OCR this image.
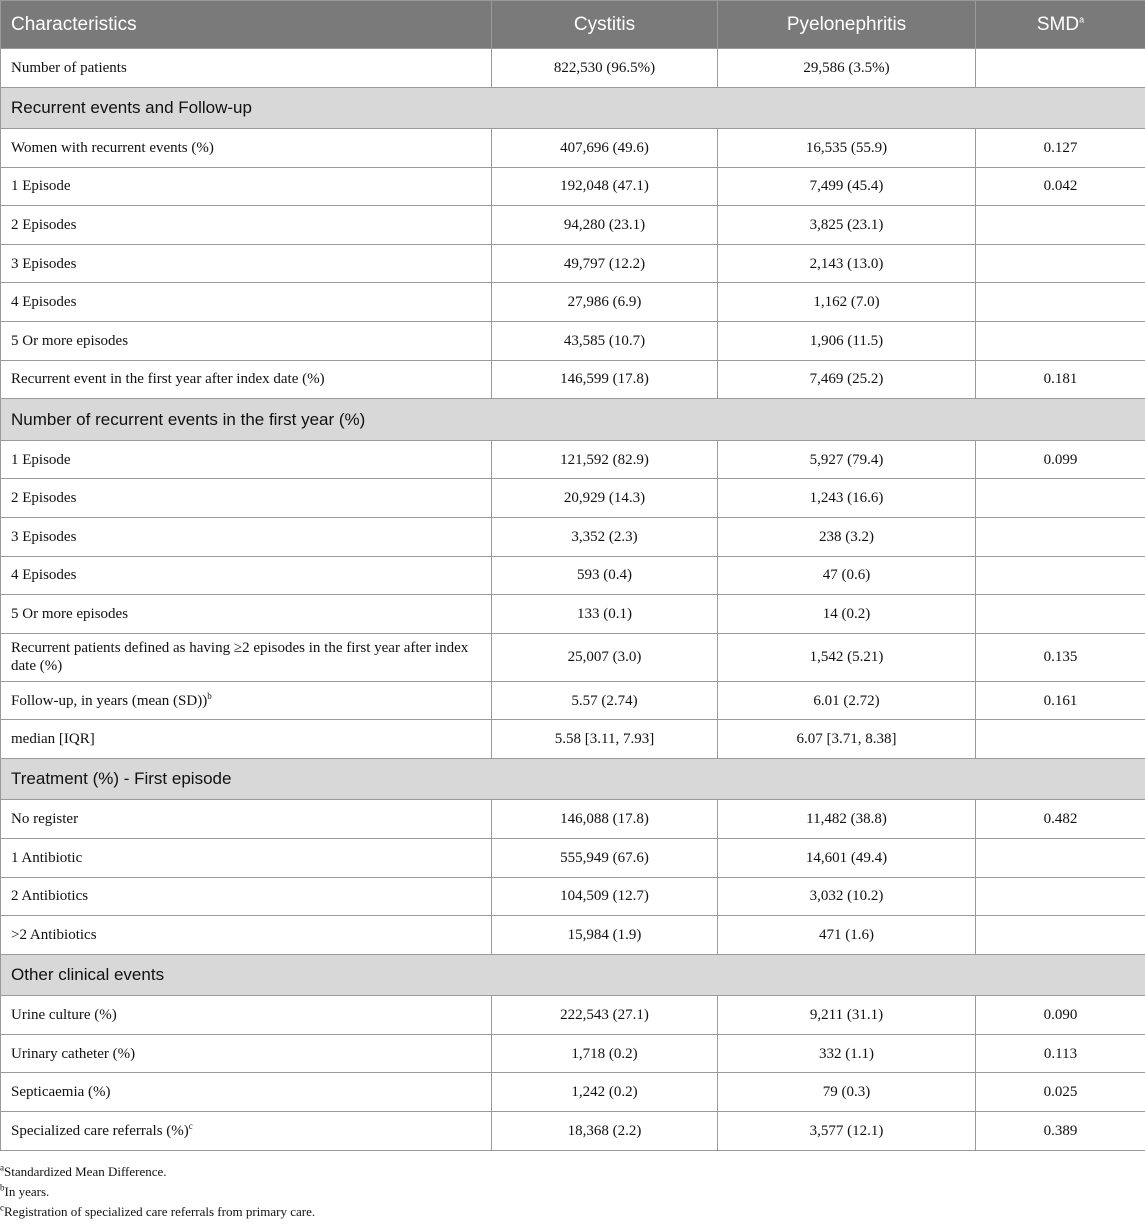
Characteristics	Cystitis	Pyelonephritis	SMD$^a$
Number of patients	822,530 (96.5%)	29,586 (3.5%)	
Recurrent events and Follow-up			
Women with recurrent events (%)	407,696 (49.6)	16,535 (55.9)	0.127
1 Episode	192,048 (47.1)	7,499 (45.4)	0.042
2 Episodes	94,280 (23.1)	3,825 (23.1)	
3 Episodes	49,797 (12.2)	2,143 (13.0)	
4 Episodes	27,986 (6.9)	1,162 (7.0)	
5 Or more episodes	43,585 (10.7)	1,906 (11.5)	
Recurrent event in the first year after index date (%)	146,599 (17.8)	7,469 (25.2)	0.181
Number of recurrent events in the first year (%)			
1 Episode	121,592 (82.9)	5,927 (79.4)	0.099
2 Episodes	20,929 (14.3)	1,243 (16.6)	
3 Episodes	3,352 (2.3)	238 (3.2)	
4 Episodes	593 (0.4)	47 (0.6)	
5 Or more episodes	133 (0.1)	14 (0.2)	
Recurrent patients defined as having ≥2 episodes in the first year after index date (%)	25,007 (3.0)	1,542 (5.21)	0.135
Follow-up, in years (mean (SD))$^b$	5.57 (2.74)	6.01 (2.72)	0.161
median [IQR]	5.58 [3.11, 7.93]	6.07 [3.71, 8.38]	
Treatment (%) - First episode			
No register	146,088 (17.8)	11,482 (38.8)	0.482
1 Antibiotic	555,949 (67.6)	14,601 (49.4)	
2 Antibiotics	104,509 (12.7)	3,032 (10.2)	
>2 Antibiotics	15,984 (1.9)	471 (1.6)	
Other clinical events			
Urine culture (%)	222,543 (27.1)	9,211 (31.1)	0.090
Urinary catheter (%)	1,718 (0.2)	332 (1.1)	0.113
Septicaemia (%)	1,242 (0.2)	79 (0.3)	0.025
Specialized care referrals (%)$^c$	18,368 (2.2)	3,577 (12.1)	0.389
$^a$Standardized Mean Difference.
$^b$In years.
$^c$Registration of specialized care referrals from primary care.
